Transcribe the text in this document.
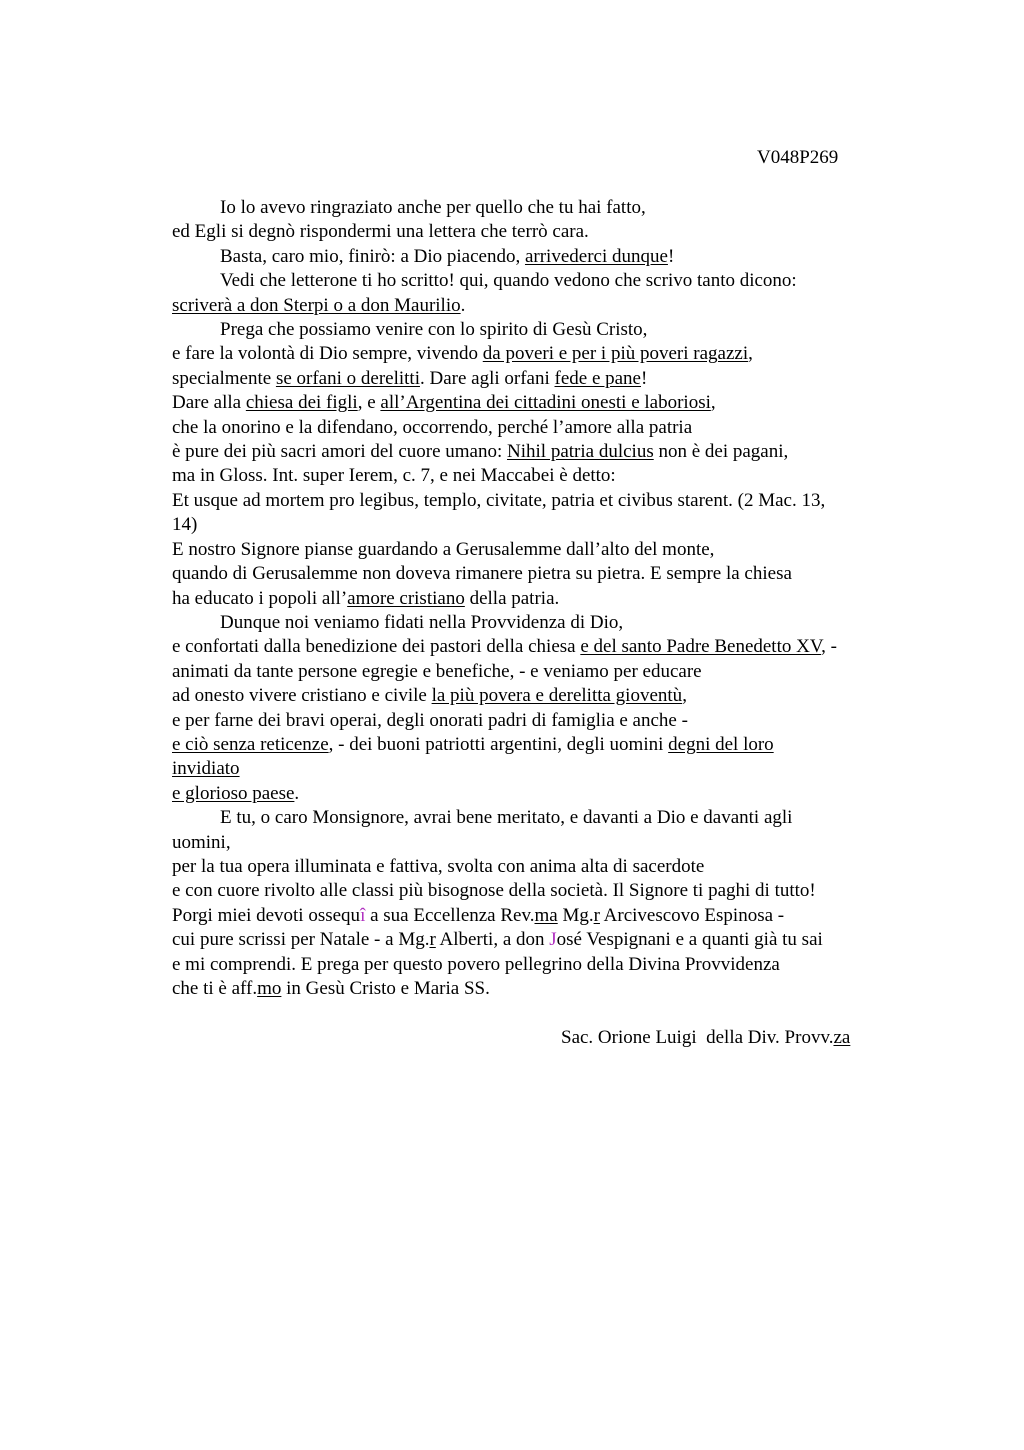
V048P269
Io lo avevo ringraziato anche per quello che tu hai fatto,
ed Egli si degnò rispondermi una lettera che terrò cara.
Basta, caro mio, finirò: a Dio piacendo, arrivederci dunque!
Vedi che letterone ti ho scritto! qui, quando vedono che scrivo tanto dicono:
scriverà a don Sterpi o a don Maurilio.
Prega che possiamo venire con lo spirito di Gesù Cristo,
e fare la volontà di Dio sempre, vivendo da poveri e per i più poveri ragazzi,
specialmente se orfani o derelitti. Dare agli orfani fede e pane!
Dare alla chiesa dei figli, e all’Argentina dei cittadini onesti e laboriosi,
che la onorino e la difendano, occorrendo, perché l’amore alla patria
è pure dei più sacri amori del cuore umano: Nihil patria dulcius non è dei pagani,
ma in Gloss. Int. super Ierem, c. 7, e nei Maccabei è detto:
Et usque ad mortem pro legibus, templo, civitate, patria et civibus starent. (2 Mac. 13,
14)
E nostro Signore pianse guardando a Gerusalemme dall’alto del monte,
quando di Gerusalemme non doveva rimanere pietra su pietra. E sempre la chiesa
ha educato i popoli all’amore cristiano della patria.
Dunque noi veniamo fidati nella Provvidenza di Dio,
e confortati dalla benedizione dei pastori della chiesa e del santo Padre Benedetto XV, -
animati da tante persone egregie e benefiche, - e veniamo per educare
ad onesto vivere cristiano e civile la più povera e derelitta gioventù,
e per farne dei bravi operai, degli onorati padri di famiglia e anche -
e ciò senza reticenze, - dei buoni patriotti argentini, degli uomini degni del loro
invidiato
e glorioso paese.
E tu, o caro Monsignore, avrai bene meritato, e davanti a Dio e davanti agli
uomini,
per la tua opera illuminata e fattiva, svolta con anima alta di sacerdote
e con cuore rivolto alle classi più bisognose della società. Il Signore ti paghi di tutto!
Porgi miei devoti ossequî a sua Eccellenza Rev.ma Mg.r Arcivescovo Espinosa -
cui pure scrissi per Natale - a Mg.r Alberti, a don José Vespignani e a quanti già tu sai
e mi comprendi. E prega per questo povero pellegrino della Divina Provvidenza
che ti è aff.mo in Gesù Cristo e Maria SS.
Sac. Orione Luigi  della Div. Provv.za
